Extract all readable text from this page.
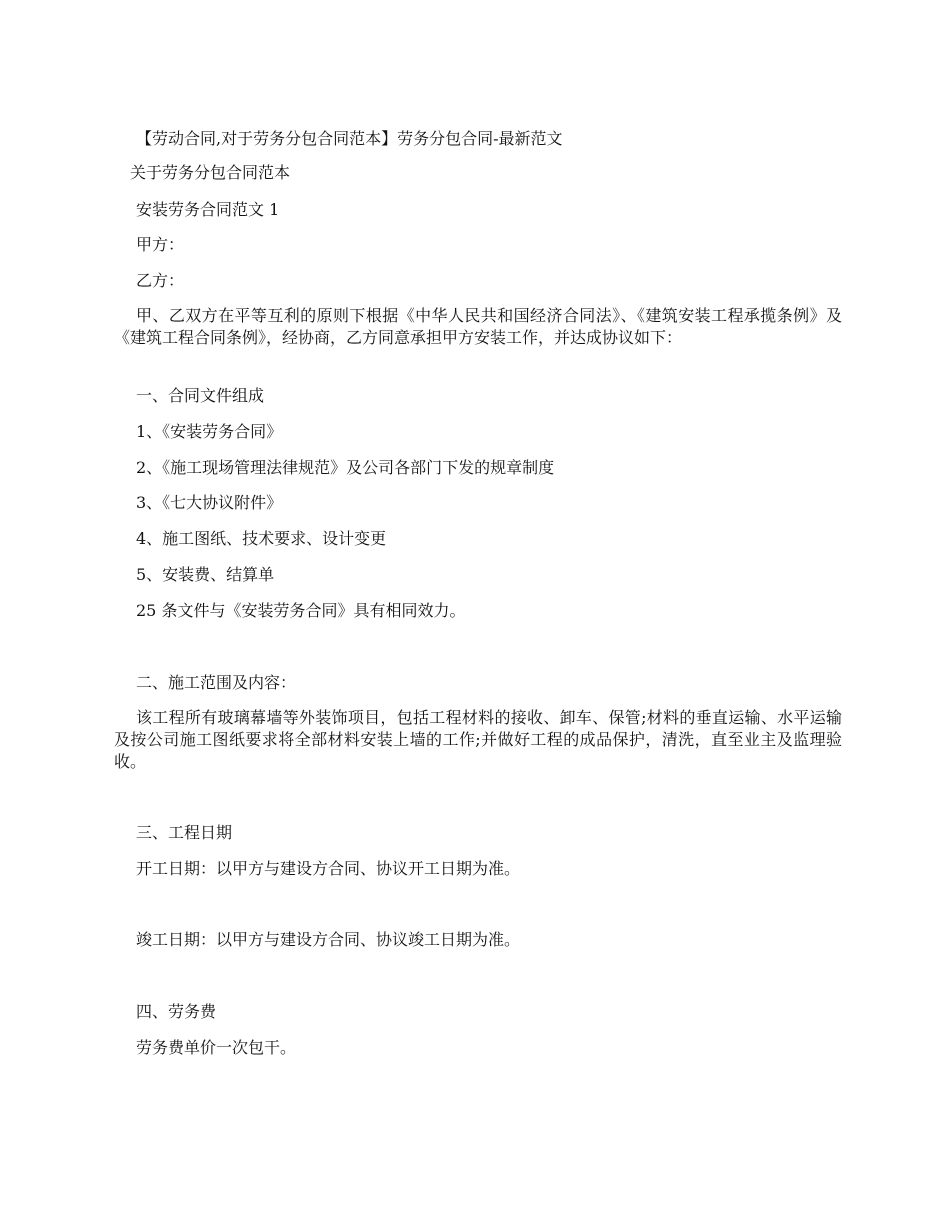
【劳动合同,对于劳务分包合同范本】劳务分包合同-最新范文

关于劳务分包合同范本

安装劳务合同范文 1

甲方：

乙方：

甲、乙双方在平等互利的原则下根据《中华人民共和国经济合同法》、《建筑安装工程承揽条例》及《建筑工程合同条例》，经协商，乙方同意承担甲方安装工作，并达成协议如下：

一、合同文件组成

1、《安装劳务合同》

2、《施工现场管理法律规范》及公司各部门下发的规章制度

3、《七大协议附件》

4、施工图纸、技术要求、设计变更

5、安装费、结算单

25 条文件与《安装劳务合同》具有相同效力。

二、施工范围及内容：

该工程所有玻璃幕墙等外装饰项目，包括工程材料的接收、卸车、保管;材料的垂直运输、水平运输及按公司施工图纸要求将全部材料安装上墙的工作;并做好工程的成品保护，清洗，直至业主及监理验收。

三、工程日期

开工日期：以甲方与建设方合同、协议开工日期为准。

竣工日期：以甲方与建设方合同、协议竣工日期为准。

四、劳务费

劳务费单价一次包干。
